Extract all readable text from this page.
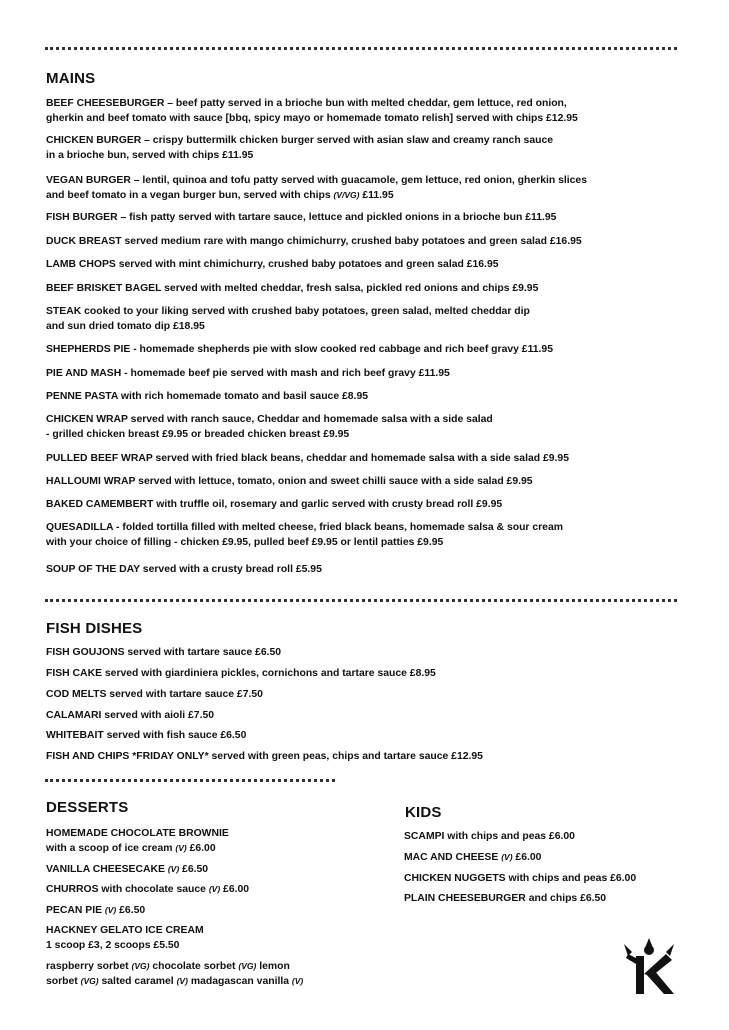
MAINS
BEEF CHEESEBURGER – beef patty served in a brioche bun with melted cheddar, gem lettuce, red onion,
gherkin and beef tomato with sauce [bbq, spicy mayo or homemade tomato relish] served with chips £12.95
CHICKEN BURGER – crispy buttermilk chicken burger served with asian slaw and creamy ranch sauce
in a brioche bun, served with chips £11.95
VEGAN BURGER – lentil, quinoa and tofu patty served with guacamole, gem lettuce, red onion, gherkin slices
and beef tomato in a vegan burger bun, served with chips (V/VG) £11.95
FISH BURGER – fish patty served with tartare sauce, lettuce and pickled onions in a brioche bun £11.95
DUCK BREAST served medium rare with mango chimichurry, crushed baby potatoes and green salad £16.95
LAMB CHOPS served with mint chimichurry, crushed baby potatoes and green salad £16.95
BEEF BRISKET BAGEL served with melted cheddar, fresh salsa, pickled red onions and chips £9.95
STEAK cooked to your liking served with crushed baby potatoes, green salad, melted cheddar dip
and sun dried tomato dip £18.95
SHEPHERDS PIE - homemade shepherds pie with slow cooked red cabbage and rich beef gravy £11.95
PIE AND MASH - homemade beef pie served with mash and rich beef gravy £11.95
PENNE PASTA with rich homemade tomato and basil sauce £8.95
CHICKEN WRAP served with ranch sauce, Cheddar and homemade salsa with a side salad
- grilled chicken breast £9.95 or breaded chicken breast £9.95
PULLED BEEF WRAP served with fried black beans, cheddar and homemade salsa with a side salad £9.95
HALLOUMI WRAP served with lettuce, tomato, onion and sweet chilli sauce with a side salad £9.95
BAKED CAMEMBERT with truffle oil, rosemary and garlic served with crusty bread roll £9.95
QUESADILLA - folded tortilla filled with melted cheese, fried black beans, homemade salsa & sour cream
with your choice of filling - chicken £9.95, pulled beef £9.95 or lentil patties £9.95
SOUP OF THE DAY served with a crusty bread roll £5.95
FISH DISHES
FISH GOUJONS served with tartare sauce £6.50
FISH CAKE served with giardiniera pickles, cornichons and tartare sauce £8.95
COD MELTS served with tartare sauce £7.50
CALAMARI served with aioli £7.50
WHITEBAIT served with fish sauce £6.50
FISH AND CHIPS *FRIDAY ONLY* served with green peas, chips and tartare sauce £12.95
DESSERTS
HOMEMADE CHOCOLATE BROWNIE
with a scoop of ice cream (V) £6.00
VANILLA CHEESECAKE (V) £6.50
CHURROS with chocolate sauce (V) £6.00
PECAN PIE (V) £6.50
HACKNEY GELATO ICE CREAM
1 scoop £3, 2 scoops £5.50
raspberry sorbet (VG) chocolate sorbet (VG) lemon
sorbet (VG) salted caramel (V) madagascan vanilla (V)
KIDS
SCAMPI with chips and peas £6.00
MAC AND CHEESE (V) £6.00
CHICKEN NUGGETS with chips and peas £6.00
PLAIN CHEESEBURGER and chips £6.50
